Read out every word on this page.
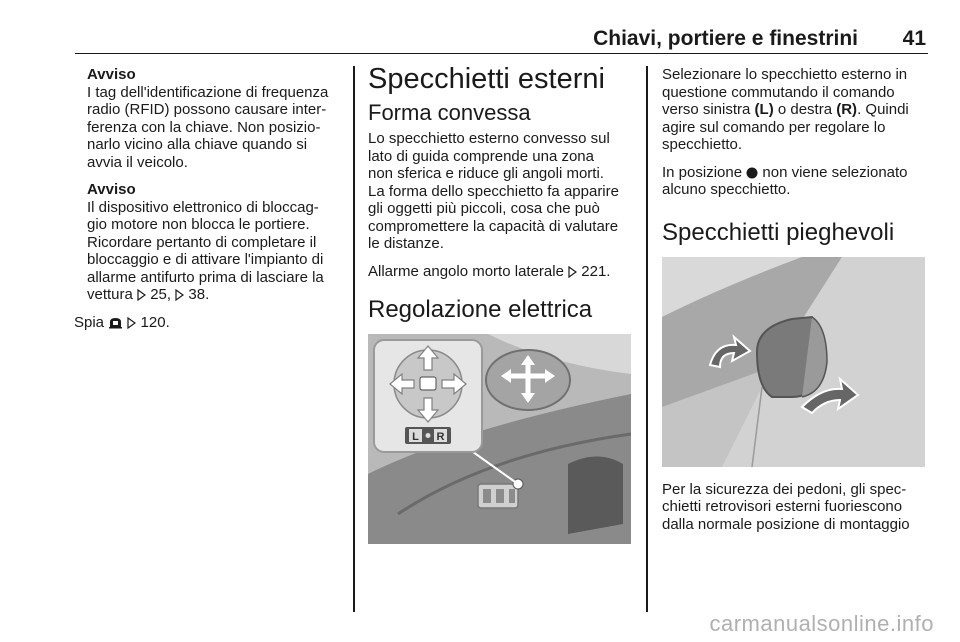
Chiavi, portiere e finestrini 41
Avviso
I tag dell'identificazione di frequenza
radio (RFID) possono causare inter-
ferenza con la chiave. Non posizio-
narlo vicino alla chiave quando si
avvia il veicolo.
Avviso
Il dispositivo elettronico di bloccag-
gio motore non blocca le portiere.
Ricordare pertanto di completare il
bloccaggio e di attivare l'impianto di
allarme antifurto prima di lasciare la
vettura  25,  38.

Spia   120.

Specchietti esterni
Forma convessa

Lo specchietto esterno convesso sul
lato di guida comprende una zona
non sferica e riduce gli angoli morti.
La forma dello specchietto fa apparire
gli oggetti più piccoli, cosa che può
compromettere la capacità di valutare
le distanze.

Allarme angolo morto laterale  221.

Regolazione elettrica
L R

Selezionare lo specchietto esterno in
questione commutando il comando
verso sinistra (L) o destra (R). Quindi
agire sul comando per regolare lo
specchietto.

In posizione  non viene selezionato
alcuno specchietto.

Specchietti pieghevoli

Per la sicurezza dei pedoni, gli spec-
chietti retrovisori esterni fuoriescono
dalla normale posizione di montaggio

carmanualsonline.info
